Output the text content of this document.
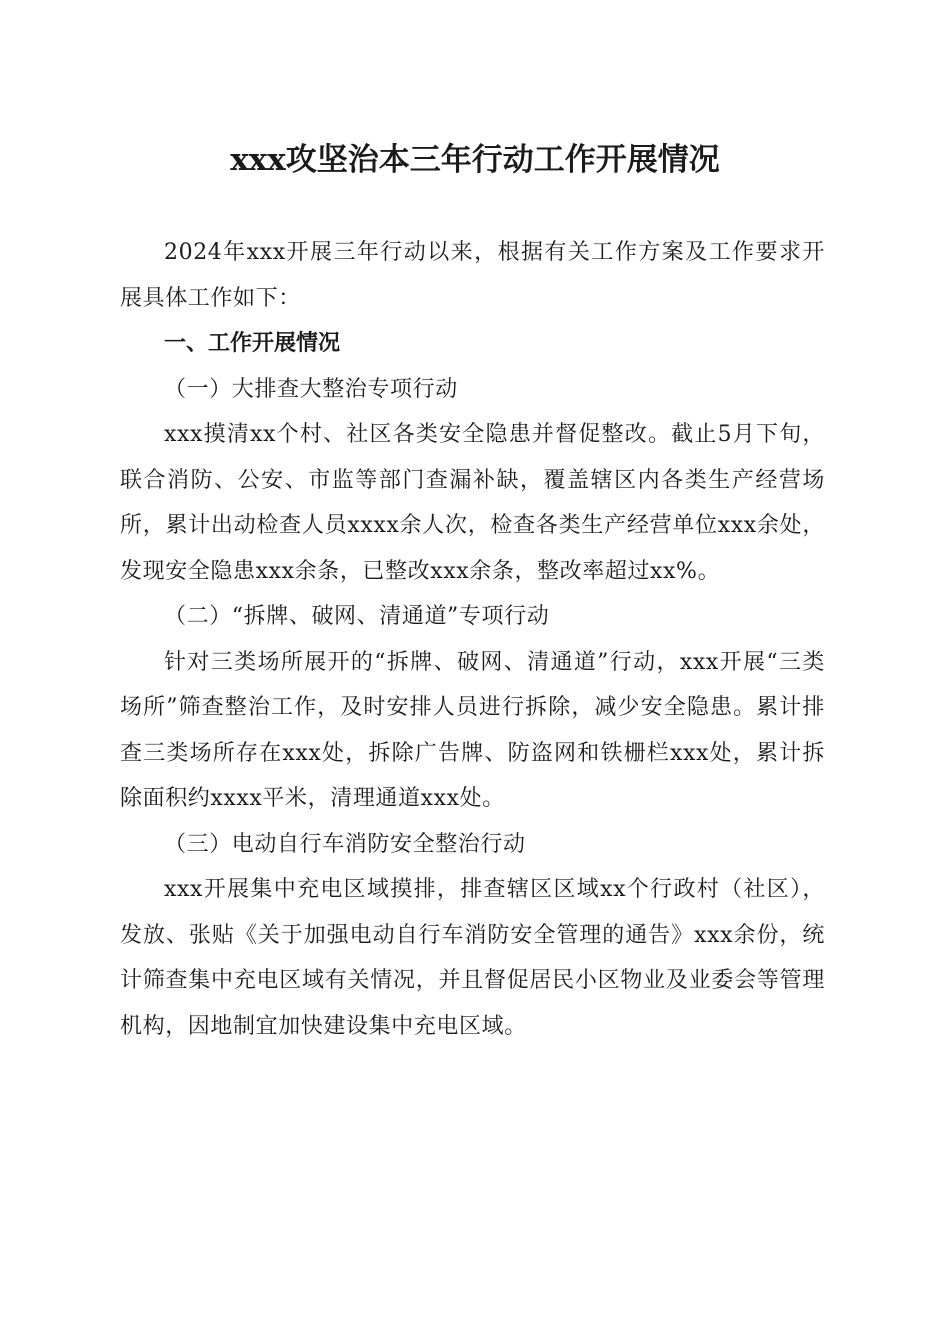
xxx攻坚治本三年行动工作开展情况

2024年xxx开展三年行动以来，根据有关工作方案及工作要求开展具体工作如下：

一、工作开展情况
（一）大排查大整治专项行动

xxx摸清xx个村、社区各类安全隐患并督促整改。截止5月下旬，联合消防、公安、市监等部门查漏补缺，覆盖辖区内各类生产经营场所，累计出动检查人员xxxx余人次，检查各类生产经营单位xxx余处，发现安全隐患xxx余条，已整改xxx余条，整改率超过xx%。

（二）“拆牌、破网、清通道”专项行动

针对三类场所展开的“拆牌、破网、清通道”行动，xxx开展“三类场所”筛查整治工作，及时安排人员进行拆除，减少安全隐患。累计排查三类场所存在xxx处，拆除广告牌、防盗网和铁栅栏xxx处，累计拆除面积约xxxx平米，清理通道xxx处。

（三）电动自行车消防安全整治行动

xxx开展集中充电区域摸排，排查辖区区域xx个行政村（社区），发放、张贴《关于加强电动自行车消防安全管理的通告》xxx余份，统计筛查集中充电区域有关情况，并且督促居民小区物业及业委会等管理机构，因地制宜加快建设集中充电区域。
